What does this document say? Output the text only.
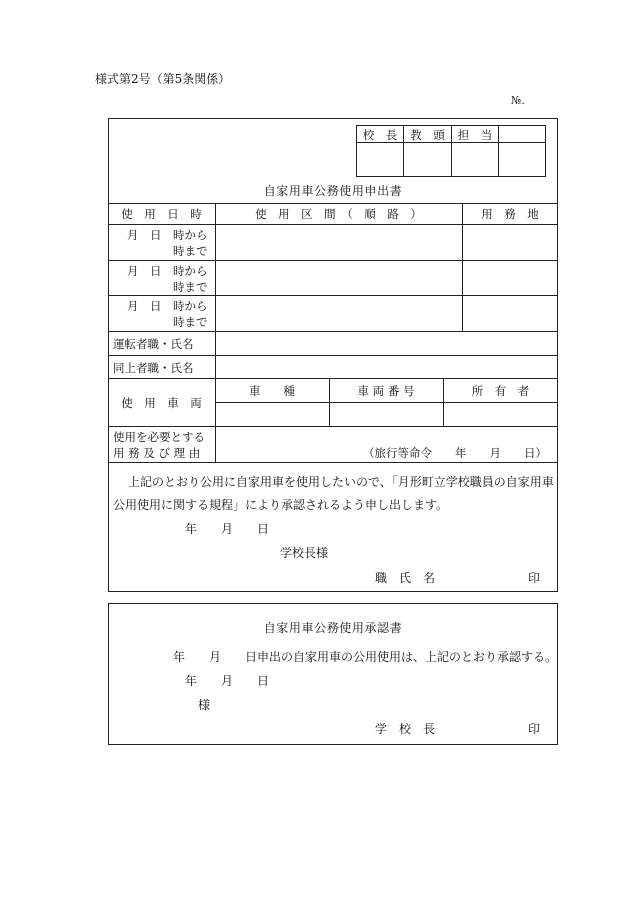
様式第2号（第5条関係）
№.
校　長	教　頭	担　当
自家用車公務使用申出書
使　用　日　時	使　用　区　間　（　順　路　）	用　務　地
月　日　時から
時まで
月　日　時から
時まで
月　日　時から
時まで
運転者職・氏名
同上者職・氏名
使　用　車　両
車　　種	車 両 番 号	所　有　者
使用を必要とする
用 務 及 び 理 由	（旅行等命令　　年　　月　　日）
上記のとおり公用に自家用車を使用したいので、「月形町立学校職員の自家用車
公用使用に関する規程」により承認されるよう申し出します。
年　　月　　日
学校長様
職　氏　名	印
自家用車公務使用承認書
年　　月 日申出の自家用車の公用使用は、上記のとおり承認する。
年　　月　　日
様
学　校　長	印
